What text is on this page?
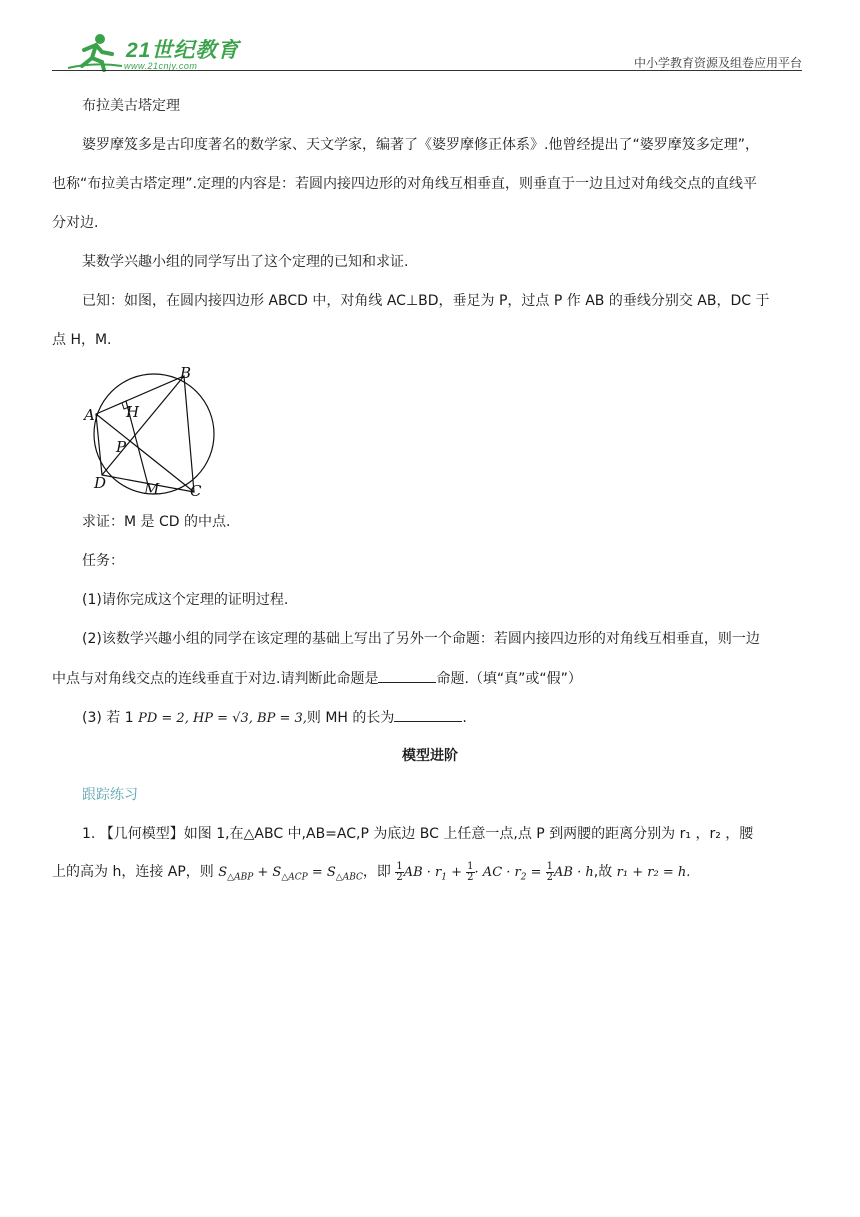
21世纪教育
www.21cnjy.com	中小学教育资源及组卷应用平台
布拉美古塔定理
婆罗摩笈多是古印度著名的数学家、天文学家，编著了《婆罗摩修正体系》.他曾经提出了“婆罗摩笈多定理”，
也称“布拉美古塔定理”.定理的内容是：若圆内接四边形的对角线互相垂直，则垂直于一边且过对角线交点的直线平
分对边.
某数学兴趣小组的同学写出了这个定理的已知和求证.
已知：如图，在圆内接四边形 ABCD 中，对角线 AC⊥BD，垂足为 P，过点 P 作 AB 的垂线分别交 AB，DC 于
点 H，M.
A
B
C
D
H
P
M
求证：M 是 CD 的中点.
任务：
(1)请你完成这个定理的证明过程.
(2)该数学兴趣小组的同学在该定理的基础上写出了另外一个命题：若圆内接四边形的对角线互相垂直，则一边
中点与对角线交点的连线垂直于对边.请判断此命题是	命题.（填“真”或“假”）
(3) 若 1 PD = 2, HP = √3, BP = 3,则 MH 的长为	.
模型进阶
跟踪练习
1. 【几何模型】如图 1,在△ABC 中,AB=AC,P 为底边 BC 上任意一点,点 P 到两腰的距离分别为 r₁ ，r₂ ，腰
上的高为 h，连接 AP，则 $S_{\triangle ABP} + S_{\triangle ACP} = S_{\triangle ABC}$，即 $\frac{1}{2}$ AB · $r_1 + \frac{1}{2}$ · AC · $r_2 = \frac{1}{2}$ AB · h,故 r₁ + r₂ = h.
